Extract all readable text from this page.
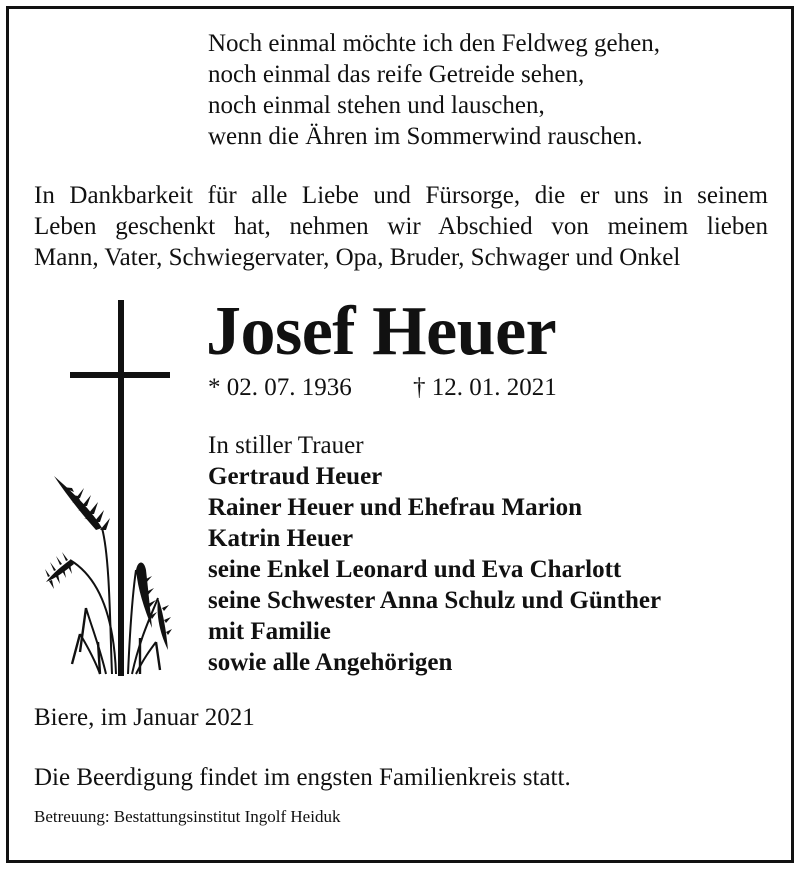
Noch einmal möchte ich den Feldweg gehen,
noch einmal das reife Getreide sehen,
noch einmal stehen und lauschen,
wenn die Ähren im Sommerwind rauschen.
In Dankbarkeit für alle Liebe und Fürsorge, die er uns in seinem
Leben geschenkt hat, nehmen wir Abschied von meinem lieben
Mann, Vater, Schwiegervater, Opa, Bruder, Schwager und Onkel
Josef Heuer
* 02. 07. 1936 † 12. 01. 2021
In stiller Trauer
Gertraud Heuer
Rainer Heuer und Ehefrau Marion
Katrin Heuer
seine Enkel Leonard und Eva Charlott
seine Schwester Anna Schulz und Günther
mit Familie
sowie alle Angehörigen
Biere, im Januar 2021
Die Beerdigung findet im engsten Familienkreis statt.
Betreuung: Bestattungsinstitut Ingolf Heiduk
